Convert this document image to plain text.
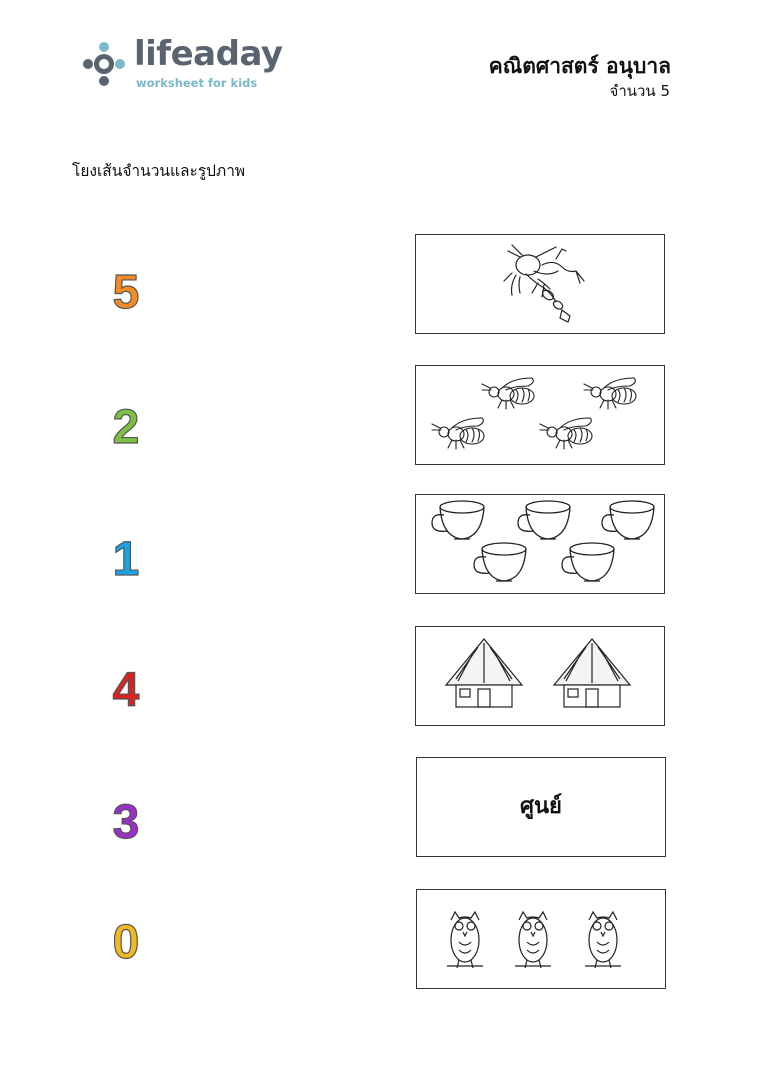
lifeaday
worksheet for kids
คณิตศาสตร์ อนุบาล
จำนวน 5
โยงเส้นจำนวนและรูปภาพ
5
2
1
4
3
0
ศูนย์
